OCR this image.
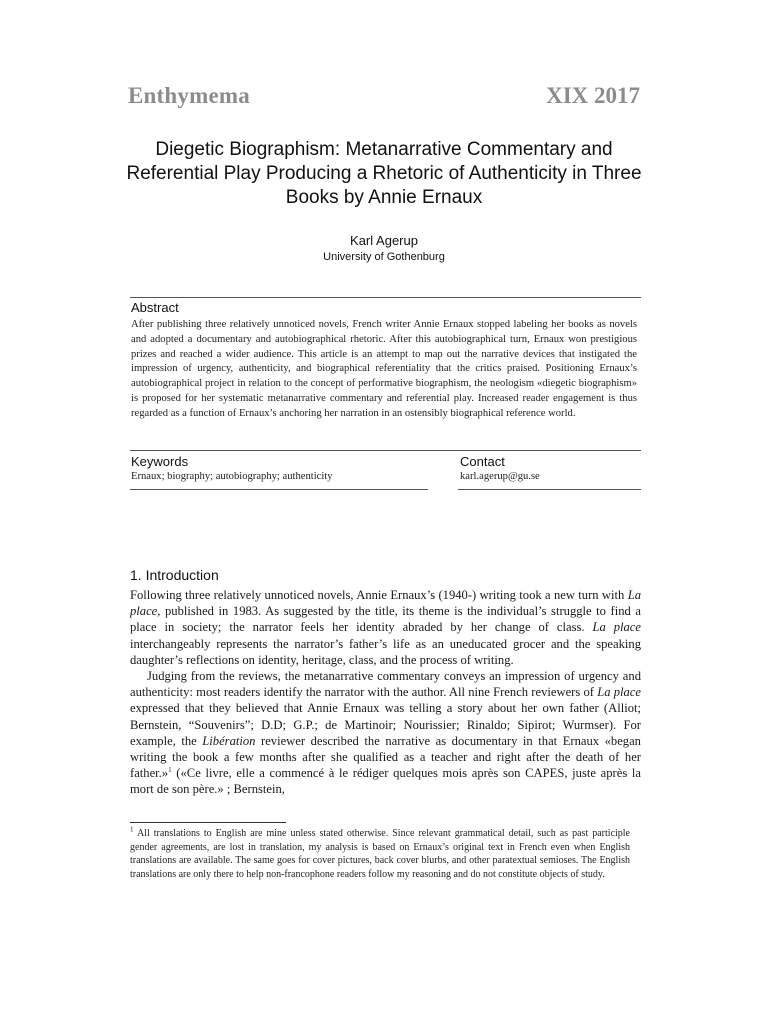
Enthymema	XIX 2017
Diegetic Biographism: Metanarrative Commentary and Referential Play Producing a Rhetoric of Authenticity in Three Books by Annie Ernaux
Karl Agerup
University of Gothenburg
Abstract
After publishing three relatively unnoticed novels, French writer Annie Ernaux stopped labeling her books as novels and adopted a documentary and autobiographical rhetoric. After this autobiographical turn, Ernaux won prestigious prizes and reached a wider audience. This article is an attempt to map out the narrative devices that instigated the impression of urgency, authenticity, and biographical referentiality that the critics praised. Positioning Ernaux’s autobiographical project in relation to the concept of performative biographism, the neologism «diegetic biographism» is proposed for her systematic metanarrative commentary and referential play. Increased reader engagement is thus regarded as a function of Ernaux’s anchoring her narration in an ostensibly biographical reference world.
Keywords
Ernaux; biography; autobiography; authenticity
Contact
karl.agerup@gu.se
1. Introduction

Following three relatively unnoticed novels, Annie Ernaux’s (1940-) writing took a new turn with La place, published in 1983. As suggested by the title, its theme is the individual’s struggle to find a place in society; the narrator feels her identity abraded by her change of class. La place interchangeably represents the narrator’s father’s life as an uneducated grocer and the speaking daughter’s reflections on identity, heritage, class, and the process of writing.

Judging from the reviews, the metanarrative commentary conveys an impression of urgency and authenticity: most readers identify the narrator with the author. All nine French reviewers of La place expressed that they believed that Annie Ernaux was telling a story about her own father (Alliot; Bernstein, “Souvenirs”; D.D; G.P.; de Martinoir; Nourissier; Rinaldo; Sipirot; Wurmser). For example, the Libération reviewer described the narrative as documentary in that Ernaux «began writing the book a few months after she qualified as a teacher and right after the death of her father.»$^1$ («Ce livre, elle a commencé à le rédiger quelques mois après son CAPES, juste après la mort de son père.» ; Bernstein,

$^1$ All translations to English are mine unless stated otherwise. Since relevant grammatical detail, such as past participle gender agreements, are lost in translation, my analysis is based on Ernaux’s original text in French even when English translations are available. The same goes for cover pictures, back cover blurbs, and other paratextual semioses. The English translations are only there to help non-francophone readers follow my reasoning and do not constitute objects of study.
